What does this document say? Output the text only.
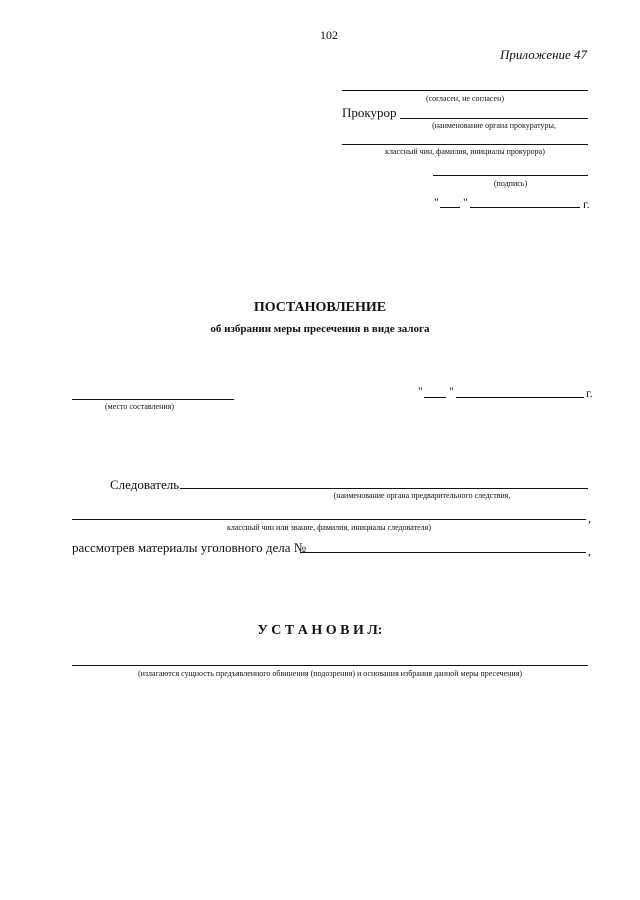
102
Приложение 47
(согласен, не согласен)
Прокурор
(наименование органа прокуратуры,
классный чин, фамилия, инициалы прокурора)
(подпись)
" "	г.
ПОСТАНОВЛЕНИЕ
об избрании меры пресечения в виде залога
(место составления)
" "	г.
Следователь
(наименование органа предварительного следствия,
,
классный чин или звание, фамилия, инициалы следователя)
рассмотрев материалы уголовного дела №	,
У С Т А Н О В И Л:
(излагаются сущность предъявленного обвинения (подозрения) и основания избрания данной меры пресечения)
